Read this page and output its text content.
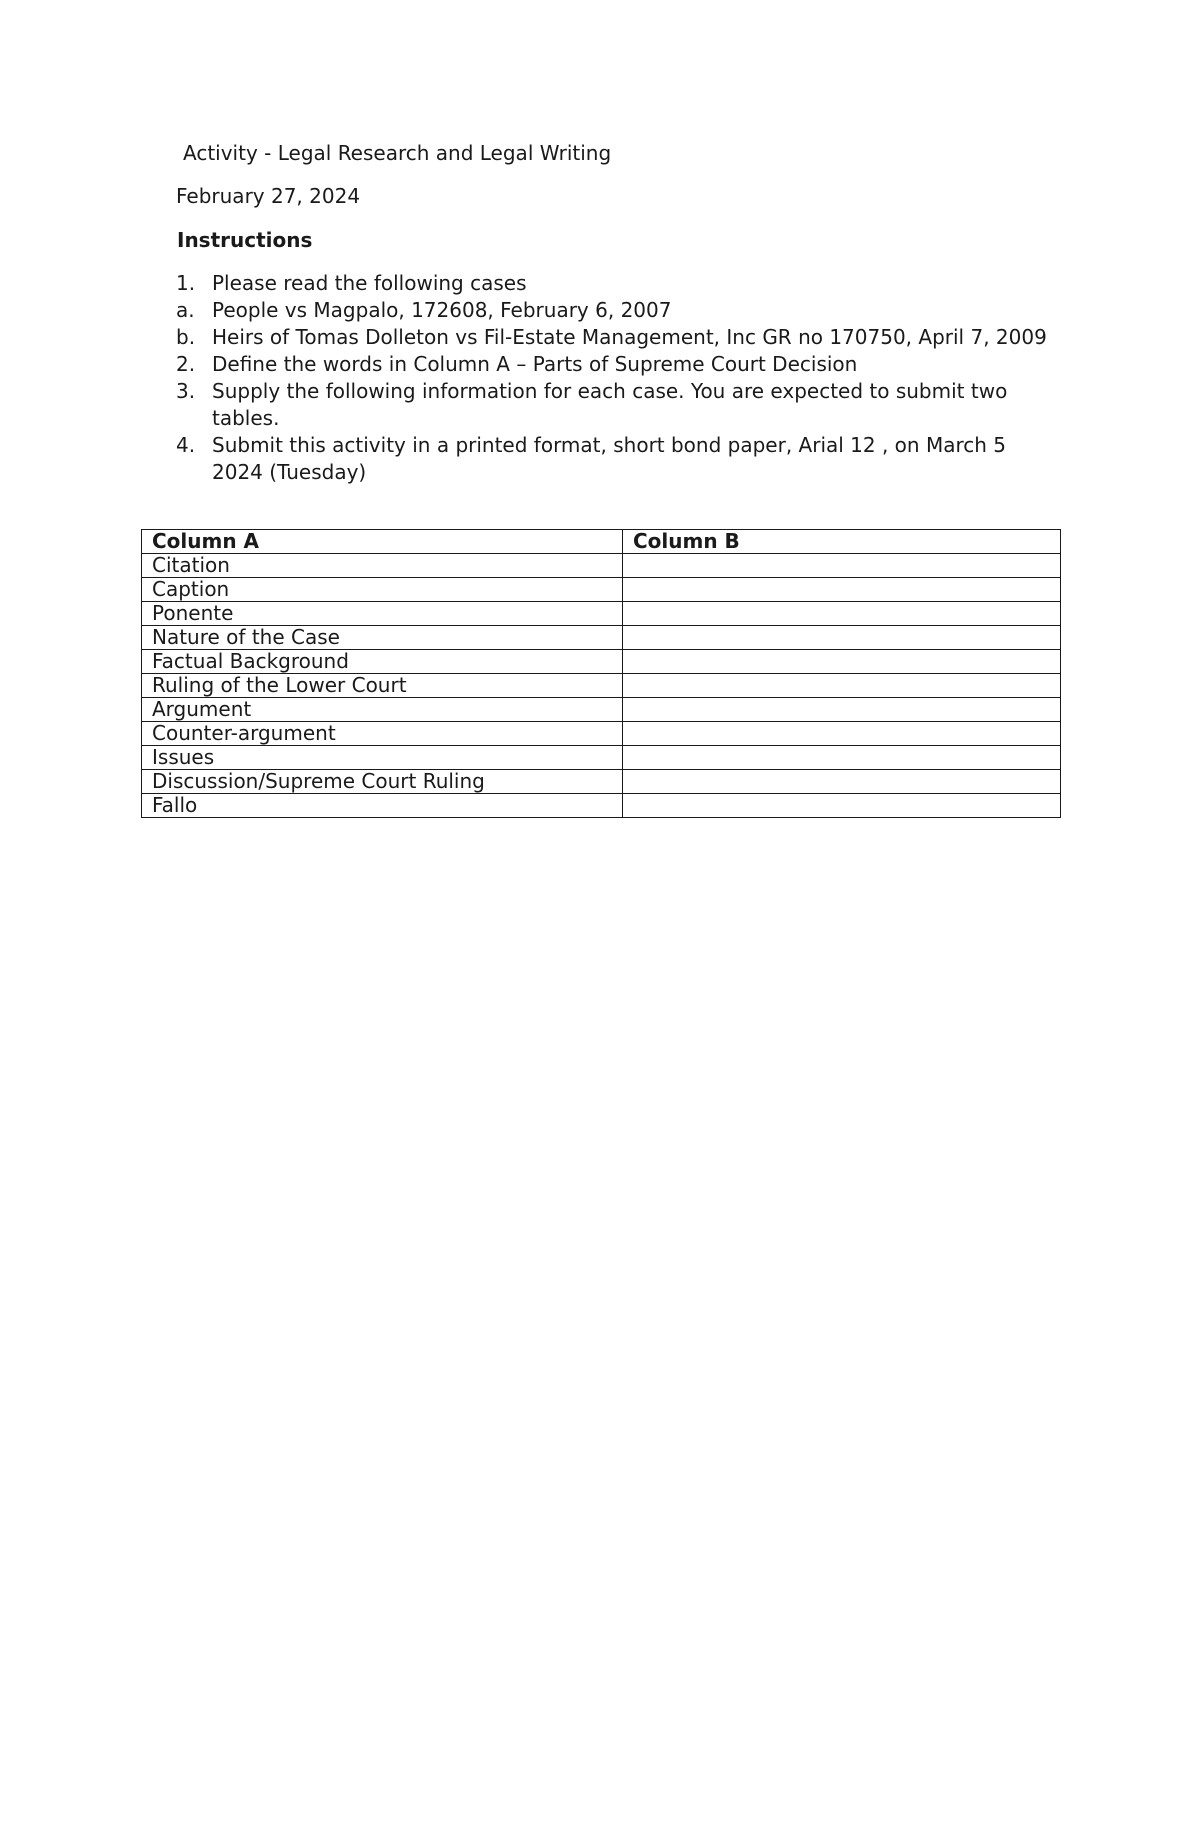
Activity - Legal Research and Legal Writing
February 27, 2024
Instructions
1. Please read the following cases
a. People vs Magpalo, 172608, February 6, 2007
b. Heirs of Tomas Dolleton vs Fil-Estate Management, Inc GR no 170750, April 7, 2009
2. Define the words in Column A – Parts of Supreme Court Decision
3. Supply the following information for each case. You are expected to submit two tables.
4. Submit this activity in a printed format, short bond paper, Arial 12 , on March 5 2024 (Tuesday)
Column A	Column B
Citation	
Caption	
Ponente	
Nature of the Case	
Factual Background	
Ruling of the Lower Court	
Argument	
Counter-argument	
Issues	
Discussion/Supreme Court Ruling	
Fallo	
